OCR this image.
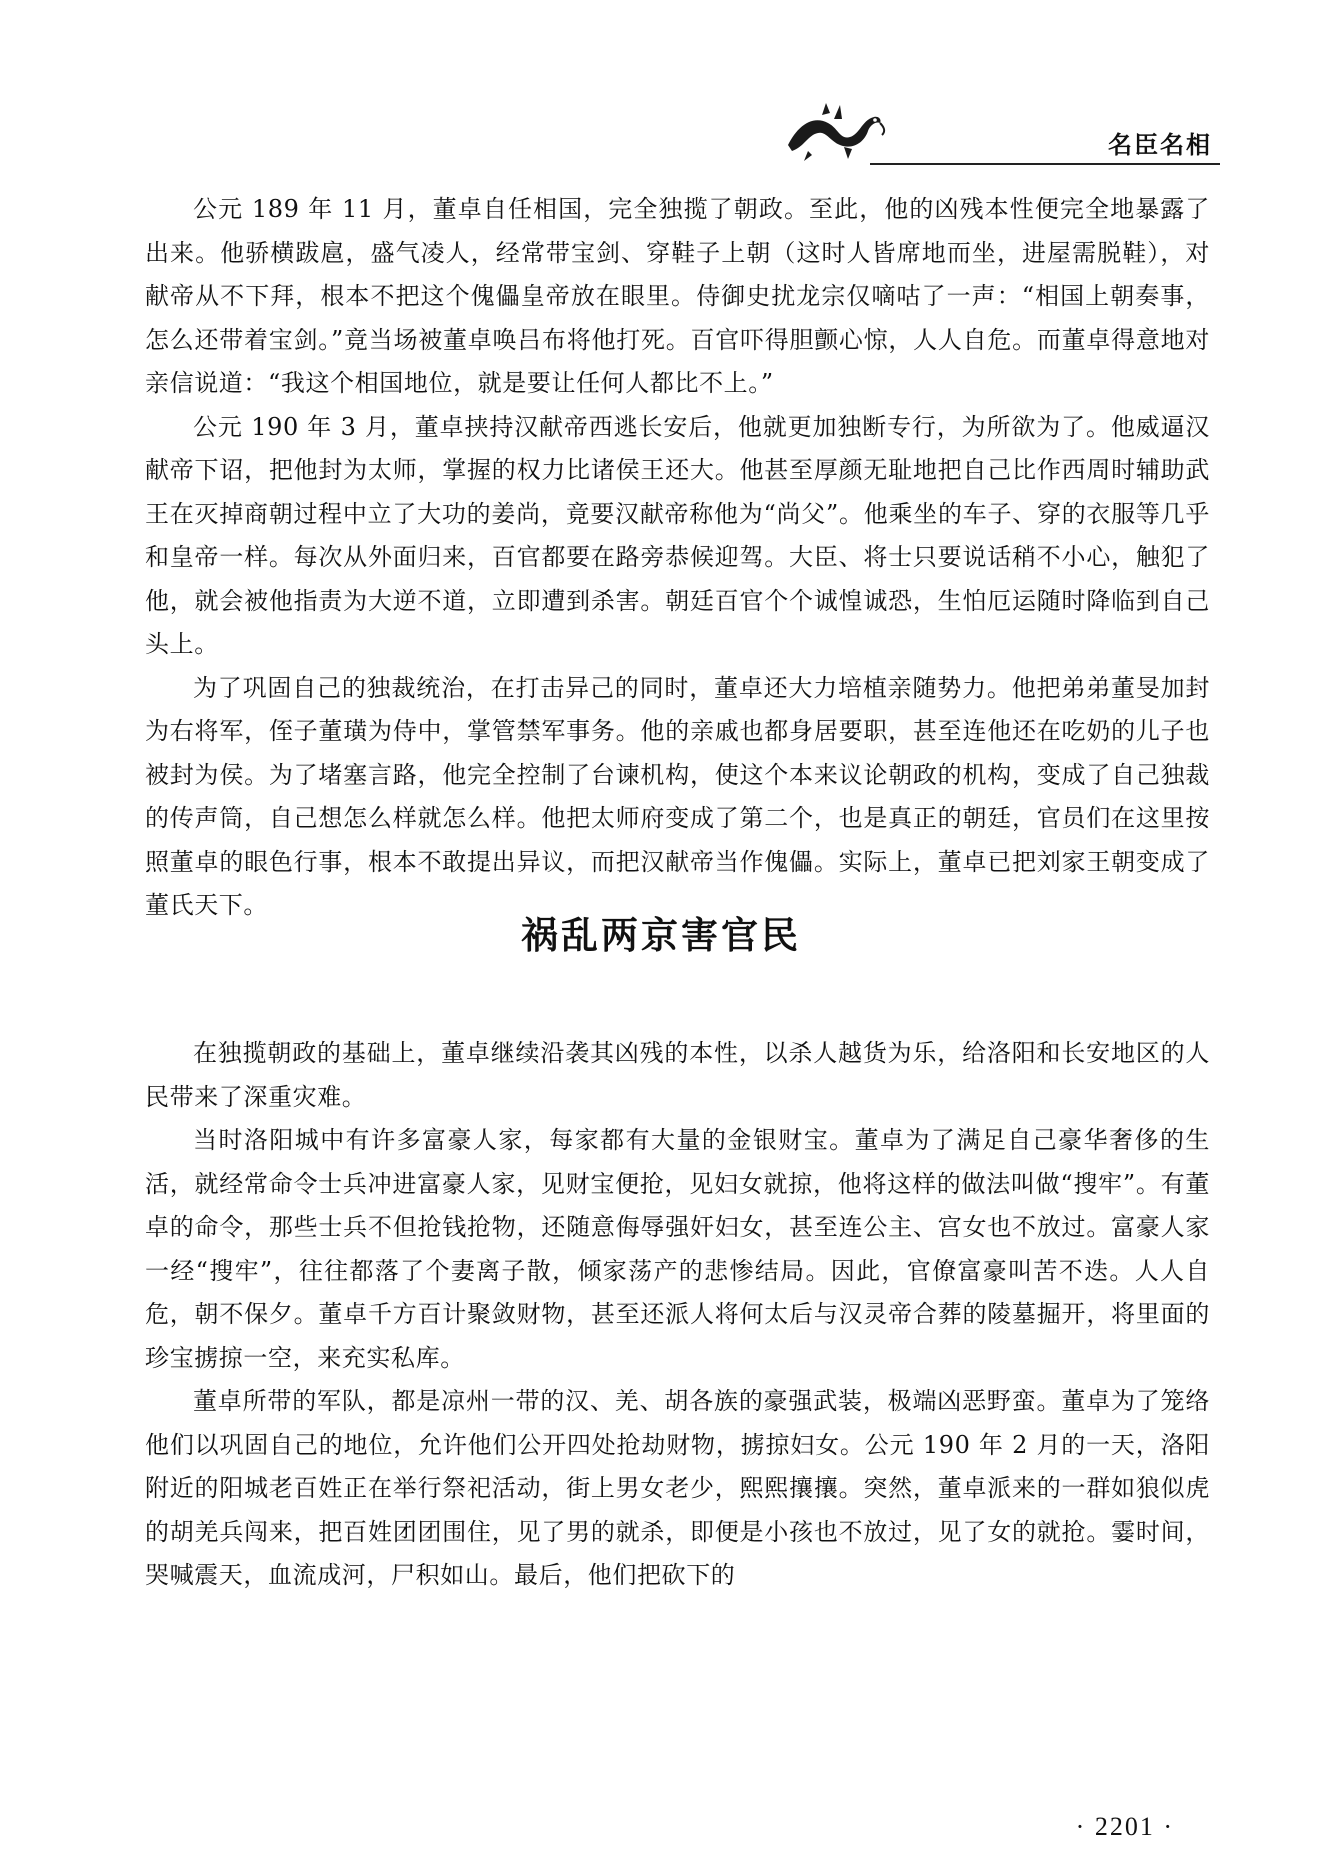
名臣名相

公元 189 年 11 月，董卓自任相国，完全独揽了朝政。至此，他的凶残本性便完全地暴露了出来。他骄横跋扈，盛气凌人，经常带宝剑、穿鞋子上朝（这时人皆席地而坐，进屋需脱鞋），对献帝从不下拜，根本不把这个傀儡皇帝放在眼里。侍御史扰龙宗仅嘀咕了一声：“相国上朝奏事，怎么还带着宝剑。”竟当场被董卓唤吕布将他打死。百官吓得胆颤心惊，人人自危。而董卓得意地对亲信说道：“我这个相国地位，就是要让任何人都比不上。”

公元 190 年 3 月，董卓挟持汉献帝西逃长安后，他就更加独断专行，为所欲为了。他威逼汉献帝下诏，把他封为太师，掌握的权力比诸侯王还大。他甚至厚颜无耻地把自己比作西周时辅助武王在灭掉商朝过程中立了大功的姜尚，竟要汉献帝称他为“尚父”。他乘坐的车子、穿的衣服等几乎和皇帝一样。每次从外面归来，百官都要在路旁恭候迎驾。大臣、将士只要说话稍不小心，触犯了他，就会被他指责为大逆不道，立即遭到杀害。朝廷百官个个诚惶诚恐，生怕厄运随时降临到自己头上。

为了巩固自己的独裁统治，在打击异己的同时，董卓还大力培植亲随势力。他把弟弟董旻加封为右将军，侄子董璜为侍中，掌管禁军事务。他的亲戚也都身居要职，甚至连他还在吃奶的儿子也被封为侯。为了堵塞言路，他完全控制了台谏机构，使这个本来议论朝政的机构，变成了自己独裁的传声筒，自己想怎么样就怎么样。他把太师府变成了第二个，也是真正的朝廷，官员们在这里按照董卓的眼色行事，根本不敢提出异议，而把汉献帝当作傀儡。实际上，董卓已把刘家王朝变成了董氏天下。

祸乱两京害官民

在独揽朝政的基础上，董卓继续沿袭其凶残的本性，以杀人越货为乐，给洛阳和长安地区的人民带来了深重灾难。

当时洛阳城中有许多富豪人家，每家都有大量的金银财宝。董卓为了满足自己豪华奢侈的生活，就经常命令士兵冲进富豪人家，见财宝便抢，见妇女就掠，他将这样的做法叫做“搜牢”。有董卓的命令，那些士兵不但抢钱抢物，还随意侮辱强奸妇女，甚至连公主、宫女也不放过。富豪人家一经“搜牢”，往往都落了个妻离子散，倾家荡产的悲惨结局。因此，官僚富豪叫苦不迭。人人自危，朝不保夕。董卓千方百计聚敛财物，甚至还派人将何太后与汉灵帝合葬的陵墓掘开，将里面的珍宝掳掠一空，来充实私库。

董卓所带的军队，都是凉州一带的汉、羌、胡各族的豪强武装，极端凶恶野蛮。董卓为了笼络他们以巩固自己的地位，允许他们公开四处抢劫财物，掳掠妇女。公元 190 年 2 月的一天，洛阳附近的阳城老百姓正在举行祭祀活动，街上男女老少，熙熙攘攘。突然，董卓派来的一群如狼似虎的胡羌兵闯来，把百姓团团围住，见了男的就杀，即便是小孩也不放过，见了女的就抢。霎时间，哭喊震天，血流成河，尸积如山。最后，他们把砍下的

· 2201 ·
